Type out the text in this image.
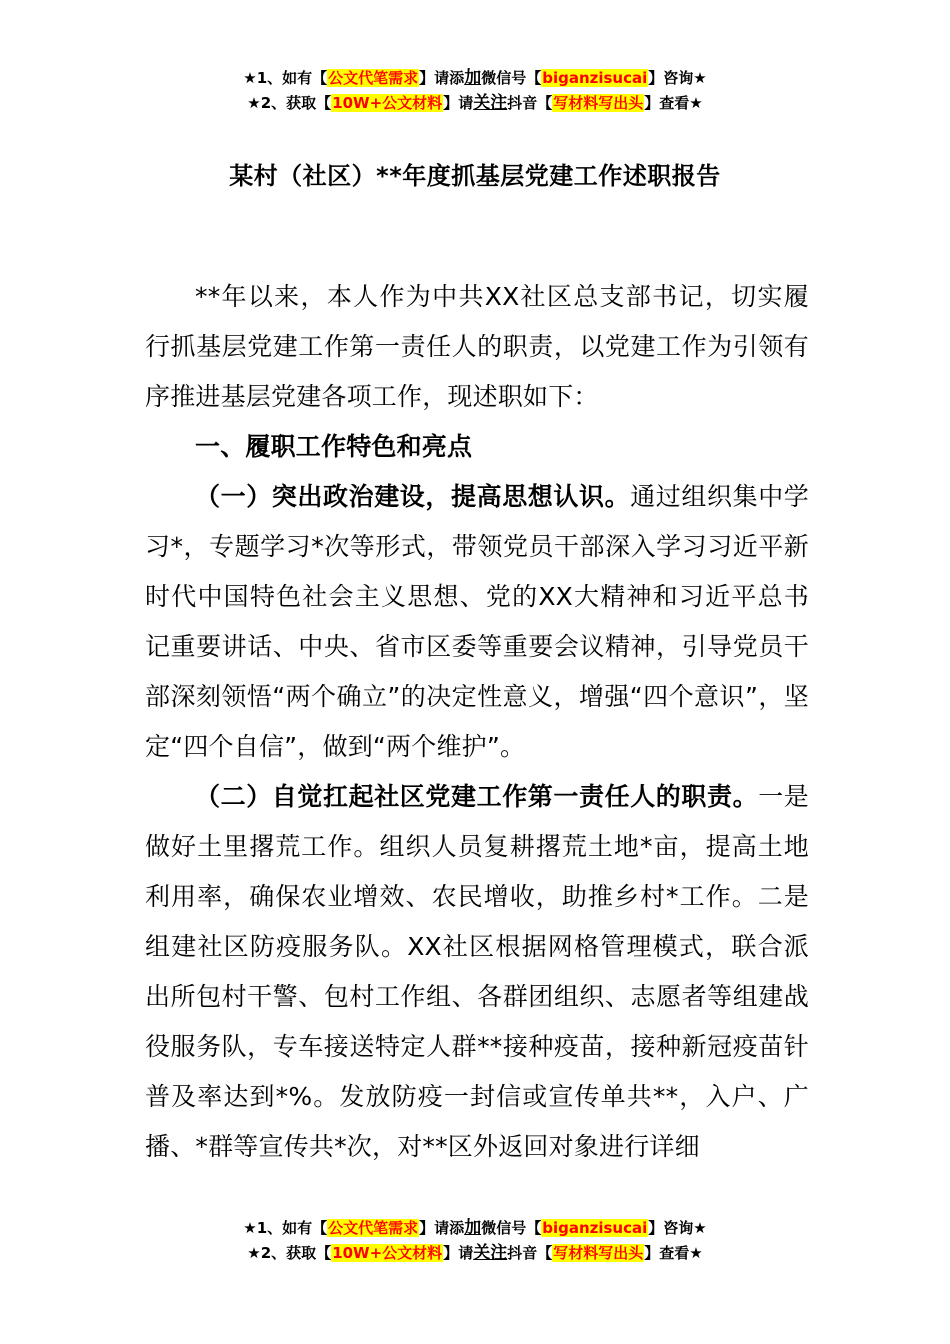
★1、如有【公文代笔需求】请添加微信号【biganzisucai】咨询★
★2、获取【10W+公文材料】请关注抖音【写材料写出头】查看★
某村（社区）**年度抓基层党建工作述职报告

**年以来，本人作为中共XX社区总支部书记，切实履行抓基层党建工作第一责任人的职责，以党建工作为引领有序推进基层党建各项工作，现述职如下：

一、履职工作特色和亮点

（一）突出政治建设，提高思想认识。通过组织集中学习*，专题学习*次等形式，带领党员干部深入学习习近平新时代中国特色社会主义思想、党的XX大精神和习近平总书记重要讲话、中央、省市区委等重要会议精神，引导党员干部深刻领悟“两个确立”的决定性意义，增强“四个意识”，坚定“四个自信”，做到“两个维护”。

（二）自觉扛起社区党建工作第一责任人的职责。一是做好土里撂荒工作。组织人员复耕撂荒土地*亩，提高土地利用率，确保农业增效、农民增收，助推乡村*工作。二是组建社区防疫服务队。XX社区根据网格管理模式，联合派出所包村干警、包村工作组、各群团组织、志愿者等组建战役服务队，专车接送特定人群**接种疫苗，接种新冠疫苗针普及率达到*%。发放防疫一封信或宣传单共**，入户、广播、*群等宣传共*次，对**区外返回对象进行详细

★1、如有【公文代笔需求】请添加微信号【biganzisucai】咨询★
★2、获取【10W+公文材料】请关注抖音【写材料写出头】查看★
